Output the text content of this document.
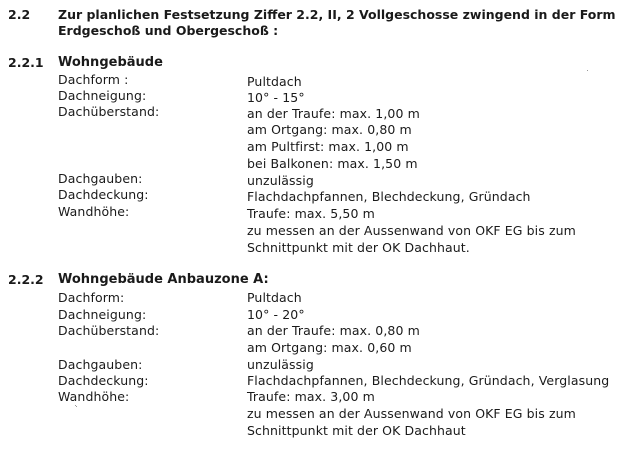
2.2 Zur planlichen Festsetzung Ziffer 2.2, II, 2 Vollgeschosse zwingend in der Form
Erdgeschoß und Obergeschoß :
2.2.1 Wohngebäude
Dachform :	Pultdach
Dachneigung:	10° - 15°
Dachüberstand:	an der Traufe: max. 1,00 m
am Ortgang: max. 0,80 m
am Pultfirst: max. 1,00 m
bei Balkonen: max. 1,50 m
Dachgauben:	unzulässig
Dachdeckung:	Flachdachpfannen, Blechdeckung, Gründach
Wandhöhe:	Traufe: max. 5,50 m
zu messen an der Aussenwand von OKF EG bis zum
Schnittpunkt mit der OK Dachhaut.
2.2.2 Wohngebäude Anbauzone A:
Dachform:	Pultdach
Dachneigung:	10° - 20°
Dachüberstand:	an der Traufe: max. 0,80 m
am Ortgang: max. 0,60 m
Dachgauben:	unzulässig
Dachdeckung:	Flachdachpfannen, Blechdeckung, Gründach, Verglasung
Wandhöhe:	Traufe: max. 3,00 m
zu messen an der Aussenwand von OKF EG bis zum
Schnittpunkt mit der OK Dachhaut
